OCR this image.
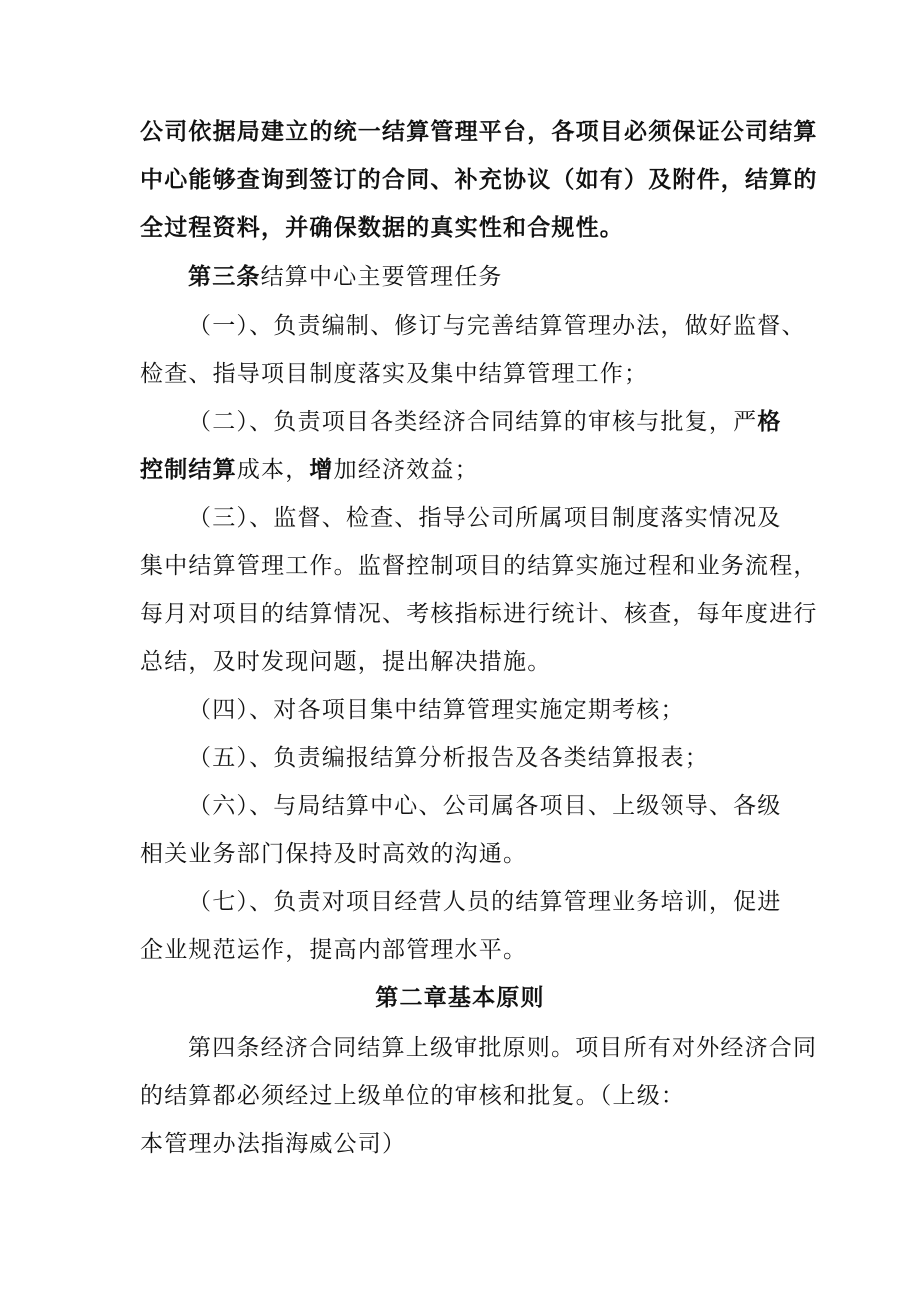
公司依据局建立的统一结算管理平台，各项目必须保证公司结算
中心能够查询到签订的合同、补充协议（如有）及附件，结算的
全过程资料，并确保数据的真实性和合规性。
第三条结算中心主要管理任务
（一）、负责编制、修订与完善结算管理办法，做好监督、
检查、指导项目制度落实及集中结算管理工作；
（二）、负责项目各类经济合同结算的审核与批复，严格
控制结算成本，增加经济效益；
（三）、监督、检查、指导公司所属项目制度落实情况及
集中结算管理工作。监督控制项目的结算实施过程和业务流程，
每月对项目的结算情况、考核指标进行统计、核查，每年度进行
总结，及时发现问题，提出解决措施。
（四）、对各项目集中结算管理实施定期考核；
（五）、负责编报结算分析报告及各类结算报表；
（六）、与局结算中心、公司属各项目、上级领导、各级
相关业务部门保持及时高效的沟通。
（七）、负责对项目经营人员的结算管理业务培训，促进
企业规范运作，提高内部管理水平。
第二章基本原则
第四条经济合同结算上级审批原则。项目所有对外经济合同
的结算都必须经过上级单位的审核和批复。（上级：
本管理办法指海威公司）
